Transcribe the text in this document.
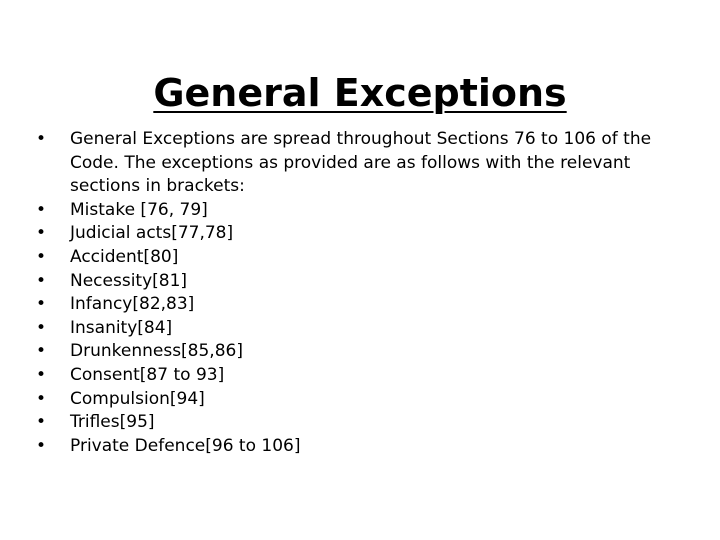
General Exceptions
• General Exceptions are spread throughout Sections 76 to 106 of the Code. The exceptions as provided are as follows with the relevant sections in brackets:
• Mistake [76, 79]
• Judicial acts[77,78]
• Accident[80]
• Necessity[81]
• Infancy[82,83]
• Insanity[84]
• Drunkenness[85,86]
• Consent[87 to 93]
• Compulsion[94]
• Trifles[95]
• Private Defence[96 to 106]
